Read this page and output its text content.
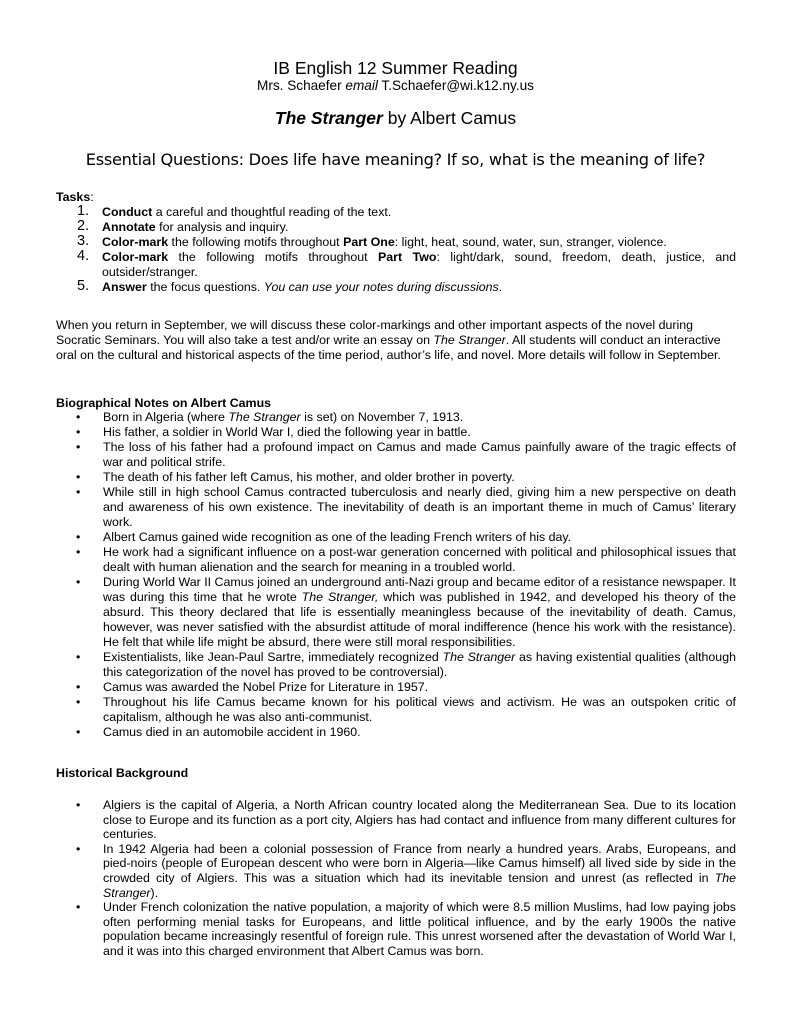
IB English 12 Summer Reading
Mrs. Schaefer email T.Schaefer@wi.k12.ny.us
The Stranger by Albert Camus
Essential Questions: Does life have meaning? If so, what is the meaning of life?
Tasks:
1. Conduct a careful and thoughtful reading of the text.
2. Annotate for analysis and inquiry.
3. Color-mark the following motifs throughout Part One: light, heat, sound, water, sun, stranger, violence.
4. Color-mark the following motifs throughout Part Two: light/dark, sound, freedom, death, justice, and outsider/stranger.
5. Answer the focus questions. You can use your notes during discussions.
When you return in September, we will discuss these color-markings and other important aspects of the novel during Socratic Seminars. You will also take a test and/or write an essay on The Stranger. All students will conduct an interactive oral on the cultural and historical aspects of the time period, author’s life, and novel. More details will follow in September.
Biographical Notes on Albert Camus
• Born in Algeria (where The Stranger is set) on November 7, 1913.
• His father, a soldier in World War I, died the following year in battle.
• The loss of his father had a profound impact on Camus and made Camus painfully aware of the tragic effects of war and political strife.
• The death of his father left Camus, his mother, and older brother in poverty.
• While still in high school Camus contracted tuberculosis and nearly died, giving him a new perspective on death and awareness of his own existence. The inevitability of death is an important theme in much of Camus’ literary work.
• Albert Camus gained wide recognition as one of the leading French writers of his day.
• He work had a significant influence on a post-war generation concerned with political and philosophical issues that dealt with human alienation and the search for meaning in a troubled world.
• During World War II Camus joined an underground anti-Nazi group and became editor of a resistance newspaper. It was during this time that he wrote The Stranger, which was published in 1942, and developed his theory of the absurd. This theory declared that life is essentially meaningless because of the inevitability of death. Camus, however, was never satisfied with the absurdist attitude of moral indifference (hence his work with the resistance). He felt that while life might be absurd, there were still moral responsibilities.
• Existentialists, like Jean-Paul Sartre, immediately recognized The Stranger as having existential qualities (although this categorization of the novel has proved to be controversial).
• Camus was awarded the Nobel Prize for Literature in 1957.
• Throughout his life Camus became known for his political views and activism. He was an outspoken critic of capitalism, although he was also anti-communist.
• Camus died in an automobile accident in 1960.
Historical Background
• Algiers is the capital of Algeria, a North African country located along the Mediterranean Sea. Due to its location close to Europe and its function as a port city, Algiers has had contact and influence from many different cultures for centuries.
• In 1942 Algeria had been a colonial possession of France from nearly a hundred years. Arabs, Europeans, and pied-noirs (people of European descent who were born in Algeria—like Camus himself) all lived side by side in the crowded city of Algiers. This was a situation which had its inevitable tension and unrest (as reflected in The Stranger).
• Under French colonization the native population, a majority of which were 8.5 million Muslims, had low paying jobs often performing menial tasks for Europeans, and little political influence, and by the early 1900s the native population became increasingly resentful of foreign rule. This unrest worsened after the devastation of World War I, and it was into this charged environment that Albert Camus was born.
